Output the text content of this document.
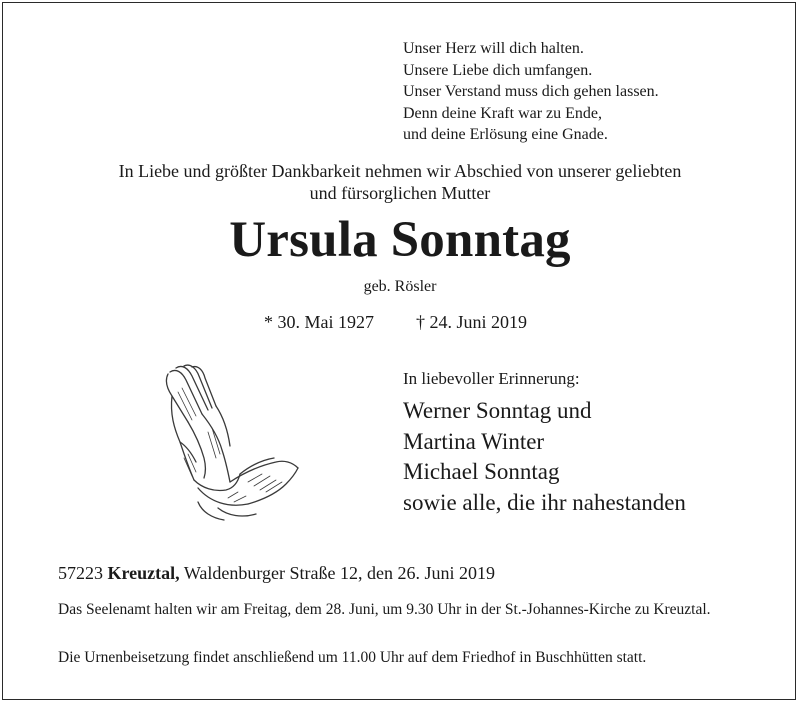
Unser Herz will dich halten.
Unsere Liebe dich umfangen.
Unser Verstand muss dich gehen lassen.
Denn deine Kraft war zu Ende,
und deine Erlösung eine Gnade.
In Liebe und größter Dankbarkeit nehmen wir Abschied von unserer geliebten
und fürsorglichen Mutter
Ursula Sonntag
geb. Rösler
* 30. Mai 1927 † 24. Juni 2019
In liebevoller Erinnerung:
Werner Sonntag und
Martina Winter
Michael Sonntag
sowie alle, die ihr nahestanden
57223 Kreuztal, Waldenburger Straße 12, den 26. Juni 2019
Das Seelenamt halten wir am Freitag, dem 28. Juni, um 9.30 Uhr in der St.-Johannes-Kirche zu Kreuztal.
Die Urnenbeisetzung findet anschließend um 11.00 Uhr auf dem Friedhof in Buschhütten statt.
